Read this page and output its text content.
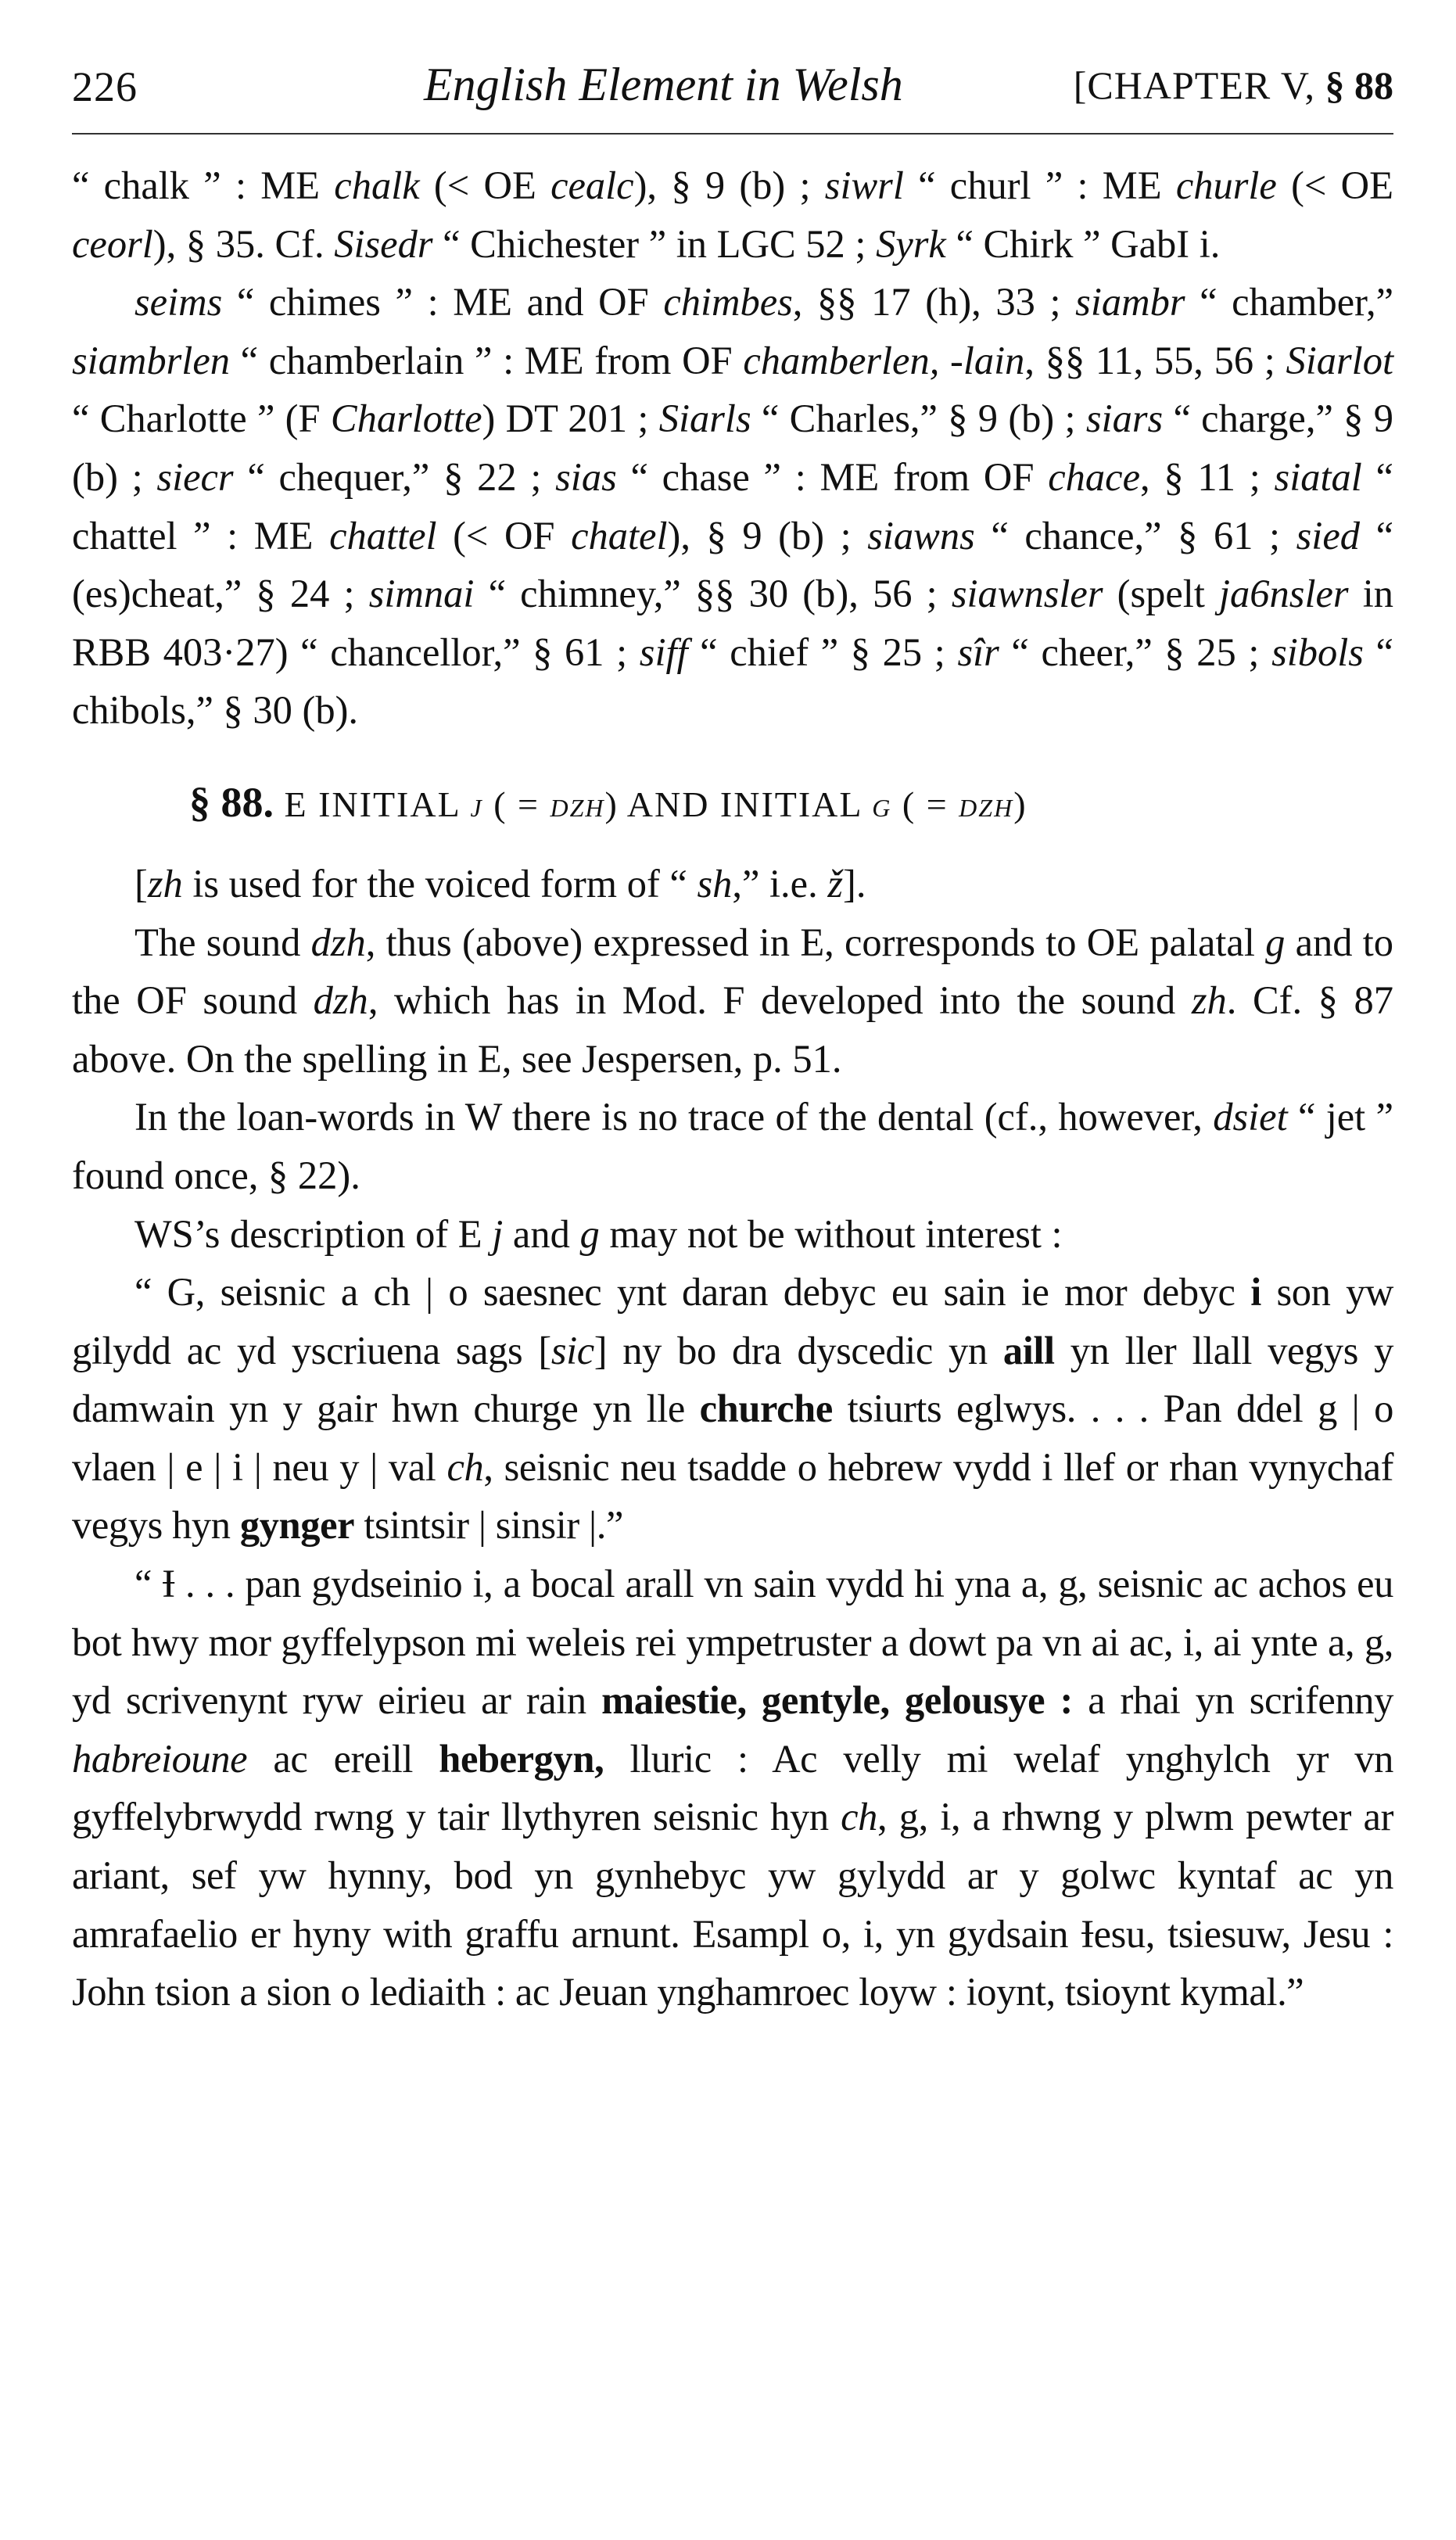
226	English Element in Welsh	[CHAPTER V, § 88

“ chalk ” : ME chalk (< OE cealc), § 9 (b) ; siwrl “ churl ” : ME churle (< OE ceorl), § 35. Cf. Sisedr “ Chichester ” in LGC 52 ; Syrk “ Chirk ” GabI i.

seims “ chimes ” : ME and OF chimbes, §§ 17 (h), 33 ; siambr “ chamber,” siambrlen “ chamberlain ” : ME from OF chamberlen, -lain, §§ 11, 55, 56 ; Siarlot “ Charlotte ” (F Charlotte) DT 201 ; Siarls “ Charles,” § 9 (b) ; siars “ charge,” § 9 (b) ; siecr “ chequer,” § 22 ; sias “ chase ” : ME from OF chace, § 11 ; siatal “ chattel ” : ME chattel (< OF chatel), § 9 (b) ; siawns “ chance,” § 61 ; sied “ (es)cheat,” § 24 ; simnai “ chimney,” §§ 30 (b), 56 ; siawnsler (spelt ja6nsler in RBB 403·27) “ chancellor,” § 61 ; siff “ chief ” § 25 ; sîr “ cheer,” § 25 ; sibols “ chibols,” § 30 (b).

§ 88. E INITIAL j ( = dzh) AND INITIAL g ( = dzh)

[zh is used for the voiced form of “ sh,” i.e. ž].

The sound dzh, thus (above) expressed in E, corresponds to OE palatal g and to the OF sound dzh, which has in Mod. F developed into the sound zh. Cf. § 87 above. On the spelling in E, see Jespersen, p. 51.

In the loan-words in W there is no trace of the dental (cf., however, dsiet “ jet ” found once, § 22).

WS’s description of E j and g may not be without interest :

“ G, seisnic a ch | o saesnec ynt daran debyc eu sain ie mor debyc i son yw gilydd ac yd yscriuena sags [sic] ny bo dra dyscedic yn aill yn ller llall vegys y damwain yn y gair hwn churge yn lle churche tsiurts eglwys. . . . Pan ddel g | o vlaen | e | i | neu y | val ch, seisnic neu tsadde o hebrew vydd i llef or rhan vynychaf vegys hyn gynger tsintsir | sinsir |.”

“ Ɨ . . . pan gydseinio i, a bocal arall vn sain vydd hi yna a, g, seisnic ac achos eu bot hwy mor gyffelypson mi weleis rei ympetruster a dowt pa vn ai ac, i, ai ynte a, g, yd scrivenynt ryw eirieu ar rain maiestie, gentyle, gelousye : a rhai yn scrifenny habreioune ac ereill hebergyn, lluric : Ac velly mi welaf ynghylch yr vn gyffelybrwydd rwng y tair llythyren seisnic hyn ch, g, i, a rhwng y plwm pewter ar ariant, sef yw hynny, bod yn gynhebyc yw gylydd ar y golwc kyntaf ac yn amrafaelio er hyny with graffu arnunt. Esampl o, i, yn gydsain Ɨesu, tsiesuw, Jesu : John tsion a sion o lediaith : ac Jeuan ynghamroec loyw : ioynt, tsioynt kymal.”
